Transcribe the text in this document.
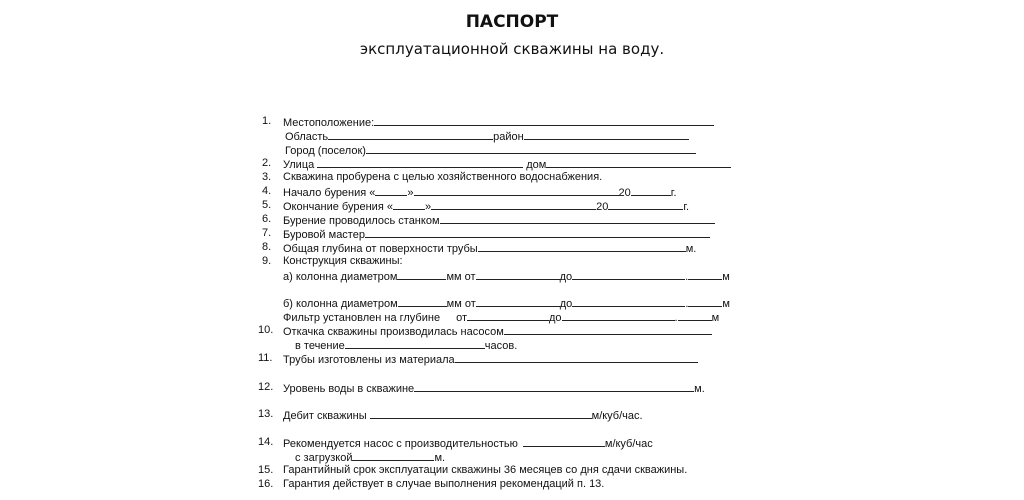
ПАСПОРТ
эксплуатационной скважины на воду.
1. Местоположение:
Область	район
Город (поселок)
2. Улица	дом
3. Скважина пробурена с целью хозяйственного водоснабжения.
4. Начало бурения «	»	20	г.
5. Окончание бурения «	»	20	г.
6. Бурение проводилось станком
7. Буровой мастер
8. Общая глубина от поверхности трубы	м.
9. Конструкция скважины:
а) колонна диаметром	мм от	до	.	м
б) колонна диаметром	мм от	до	.	м
Фильтр установлен на глубине от	до	.	м
10. Откачка скважины производилась насосом
в течение	часов.
11. Трубы изготовлены из материала
12. Уровень воды в скважине	м.
13. Дебит скважины	м/куб/час.
14. Рекомендуется насос с производительностью	м/куб/час
с загрузкой	м.
15. Гарантийный срок эксплуатации скважины 36 месяцев со дня сдачи скважины.
16. Гарантия действует в случае выполнения рекомендаций п. 13.
